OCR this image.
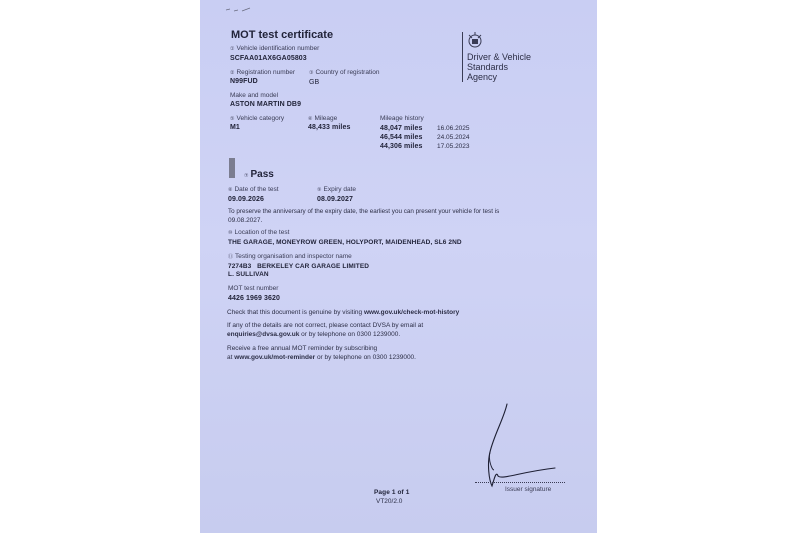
MOT test certificate
Driver & Vehicle
Standards
Agency
① Vehicle identification number
SCFAA01AX6GA05803
② Registration number
N99FUD
③ Country of registration
GB
Make and model
ASTON MARTIN DB9
⑤ Vehicle category
M1
⑥ Mileage
48,433 miles
Mileage history
48,047 miles 16.06.2025
46,544 miles 24.05.2024
44,306 miles 17.05.2023
⑦ Pass
⑧ Date of the test
09.09.2026
⑨ Expiry date
08.09.2027
To preserve the anniversary of the expiry date, the earliest you can present your vehicle for test is
09.08.2027.
⑩ Location of the test
THE GARAGE, MONEYROW GREEN, HOLYPORT, MAIDENHEAD, SL6 2ND
⑪ Testing organisation and inspector name
7274B3   BERKELEY CAR GARAGE LIMITED
L. SULLIVAN
MOT test number
4426 1969 3620
Check that this document is genuine by visiting www.gov.uk/check-mot-history
If any of the details are not correct, please contact DVSA by email at
enquiries@dvsa.gov.uk or by telephone on 0300 1239000.
Receive a free annual MOT reminder by subscribing
at www.gov.uk/mot-reminder or by telephone on 0300 1239000.
Issuer signature
Page 1 of 1
VT20/2.0
